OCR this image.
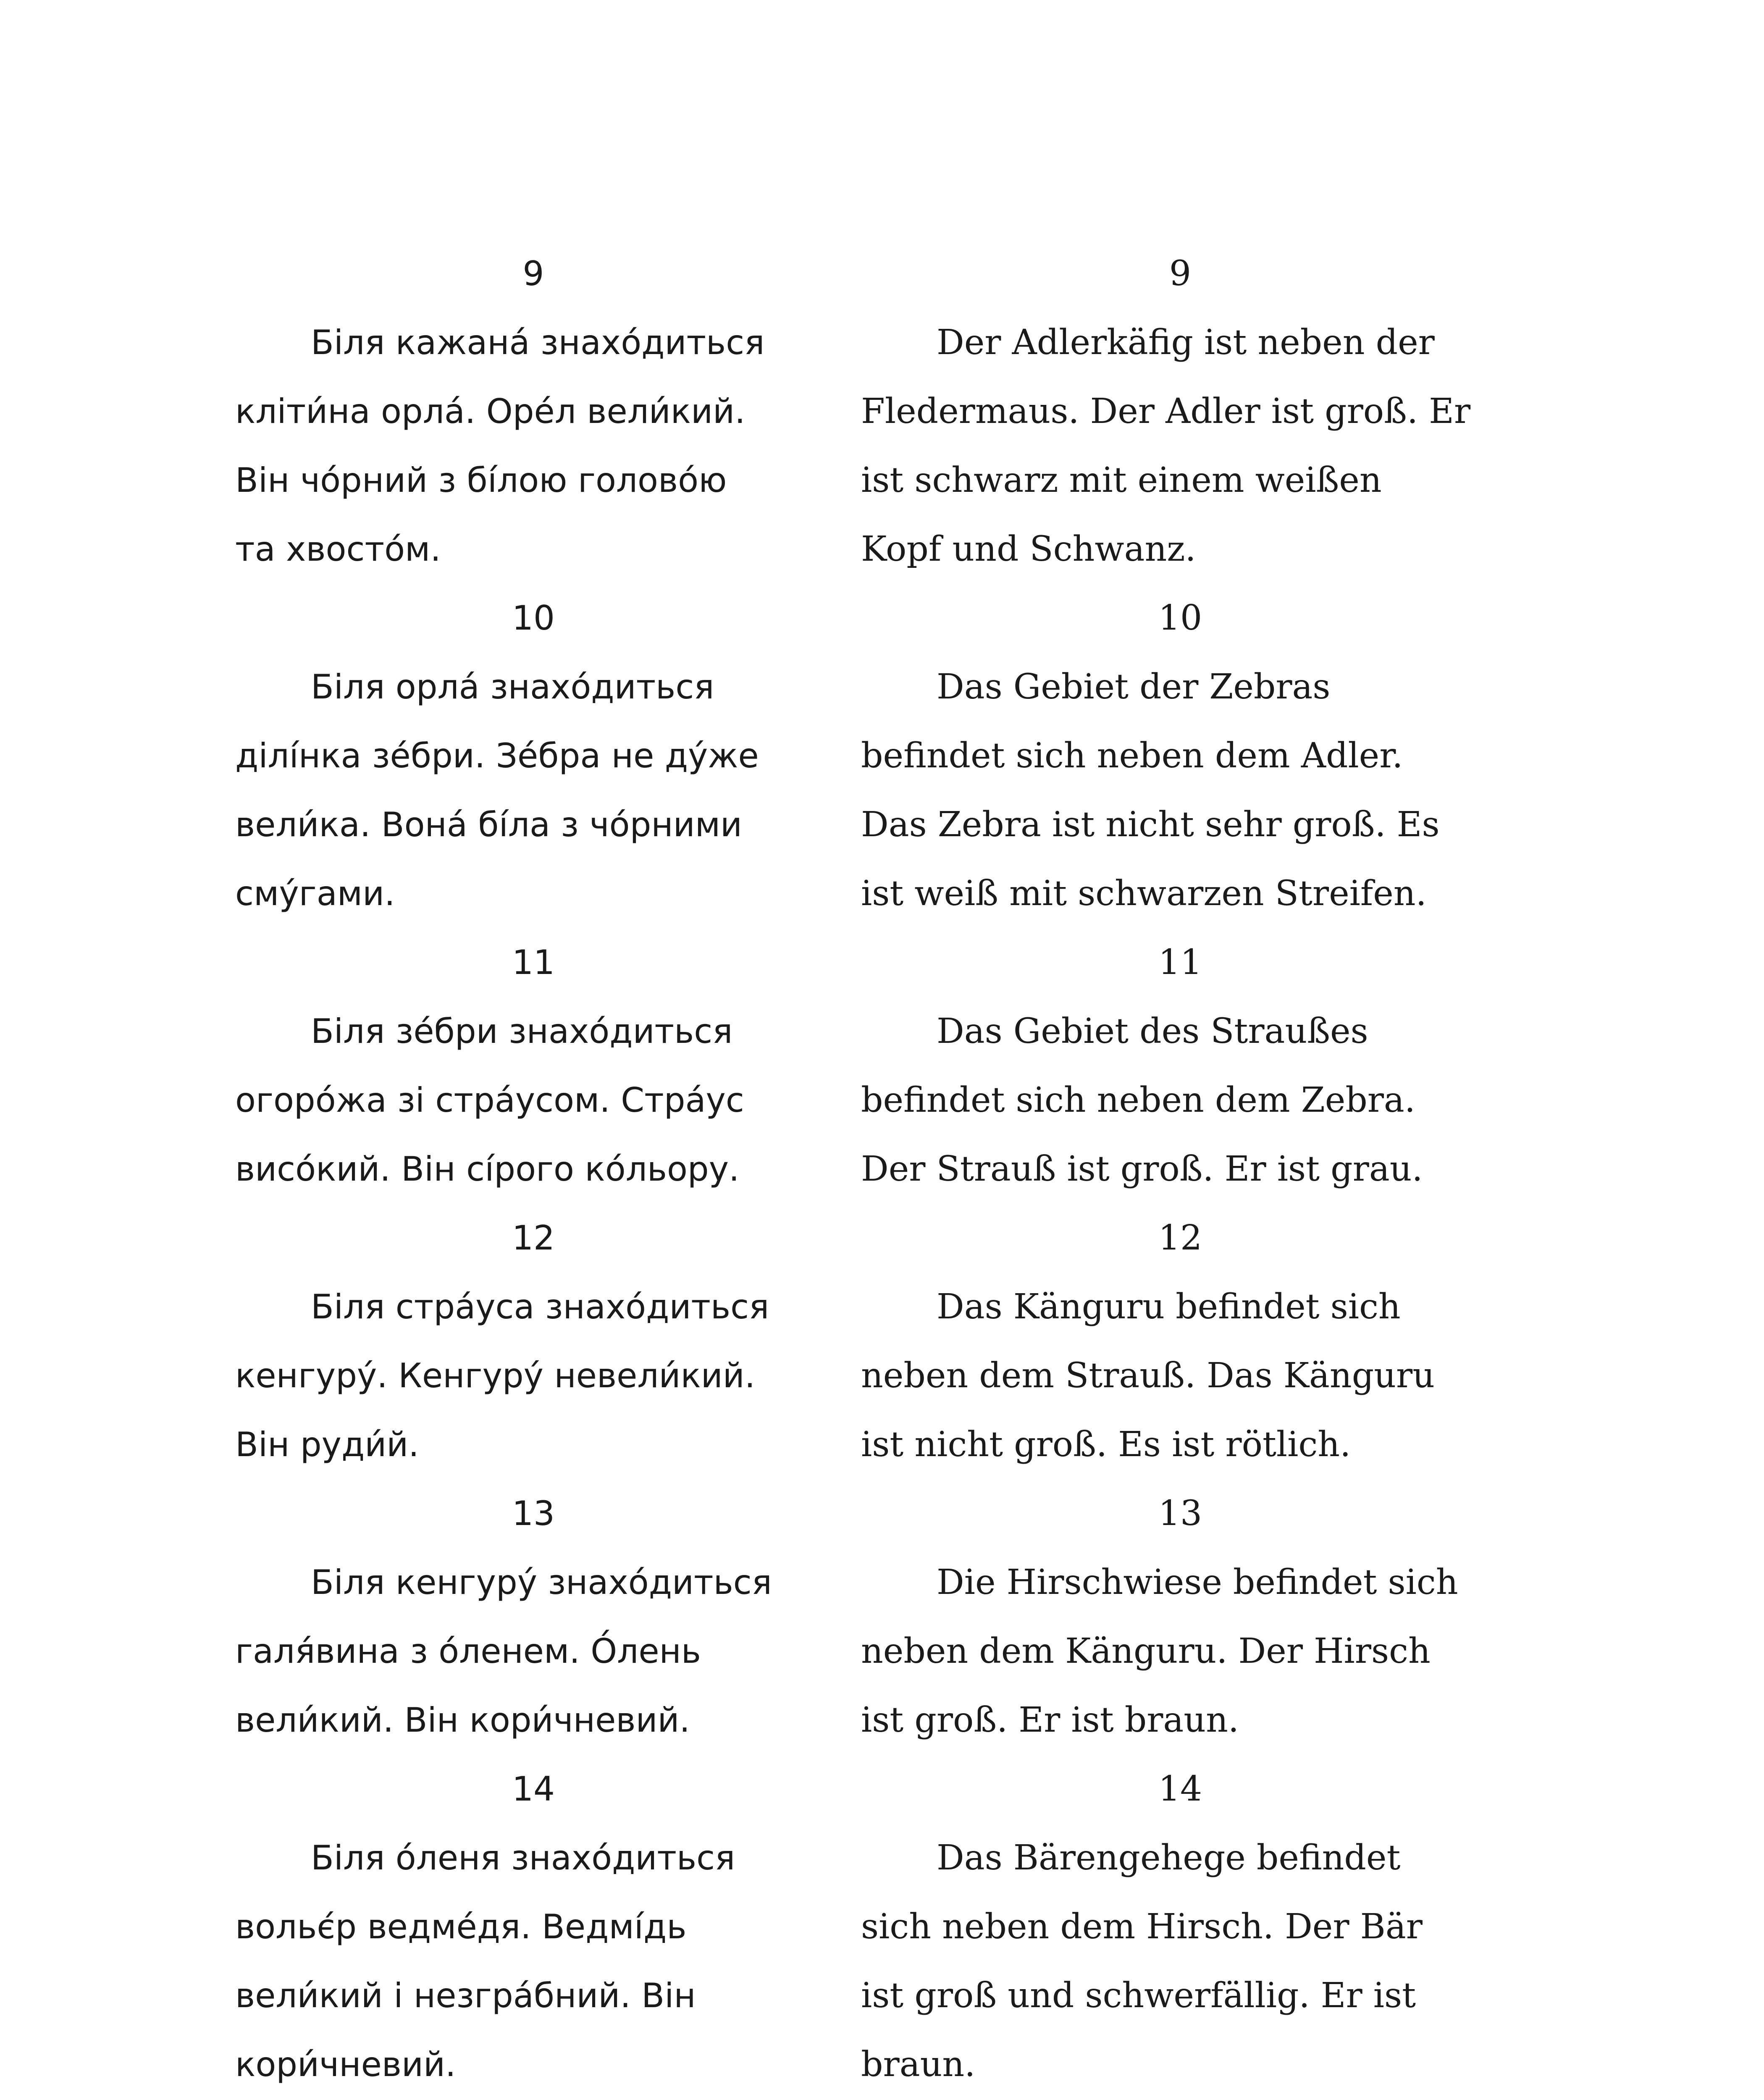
9

Біля кажана́ знахо́диться
кліти́на орла́. Оре́л вели́кий.
Він чо́рний з бі́лою голово́ю
та хвосто́м.

10

Біля орла́ знахо́диться
ділі́нка зе́бри. Зе́бра не ду́же
вели́ка. Вона́ бі́ла з чо́рними
сму́гами.

11

Біля зе́бри знахо́диться
огоро́жа зі стра́усом. Стра́ус
висо́кий. Він сі́рого ко́льору.

12

Біля стра́уса знахо́диться
кенгуру́. Кенгуру́ невели́кий.
Він руди́й.

13

Біля кенгуру́ знахо́диться
галя́вина з о́ленем. О́лень
вели́кий. Він кори́чневий.

14

Біля о́леня знахо́диться
вольє́р ведме́дя. Ведмі́дь
вели́кий і незгра́бний. Він
кори́чневий.

9

Der Adlerkäfig ist neben der
Fledermaus. Der Adler ist groß. Er
ist schwarz mit einem weißen
Kopf und Schwanz.

10

Das Gebiet der Zebras
befindet sich neben dem Adler.
Das Zebra ist nicht sehr groß. Es
ist weiß mit schwarzen Streifen.

11

Das Gebiet des Straußes
befindet sich neben dem Zebra.
Der Strauß ist groß. Er ist grau.

12

Das Känguru befindet sich
neben dem Strauß. Das Känguru
ist nicht groß. Es ist rötlich.

13

Die Hirschwiese befindet sich
neben dem Känguru. Der Hirsch
ist groß. Er ist braun.

14

Das Bärengehege befindet
sich neben dem Hirsch. Der Bär
ist groß und schwerfällig. Er ist
braun.
